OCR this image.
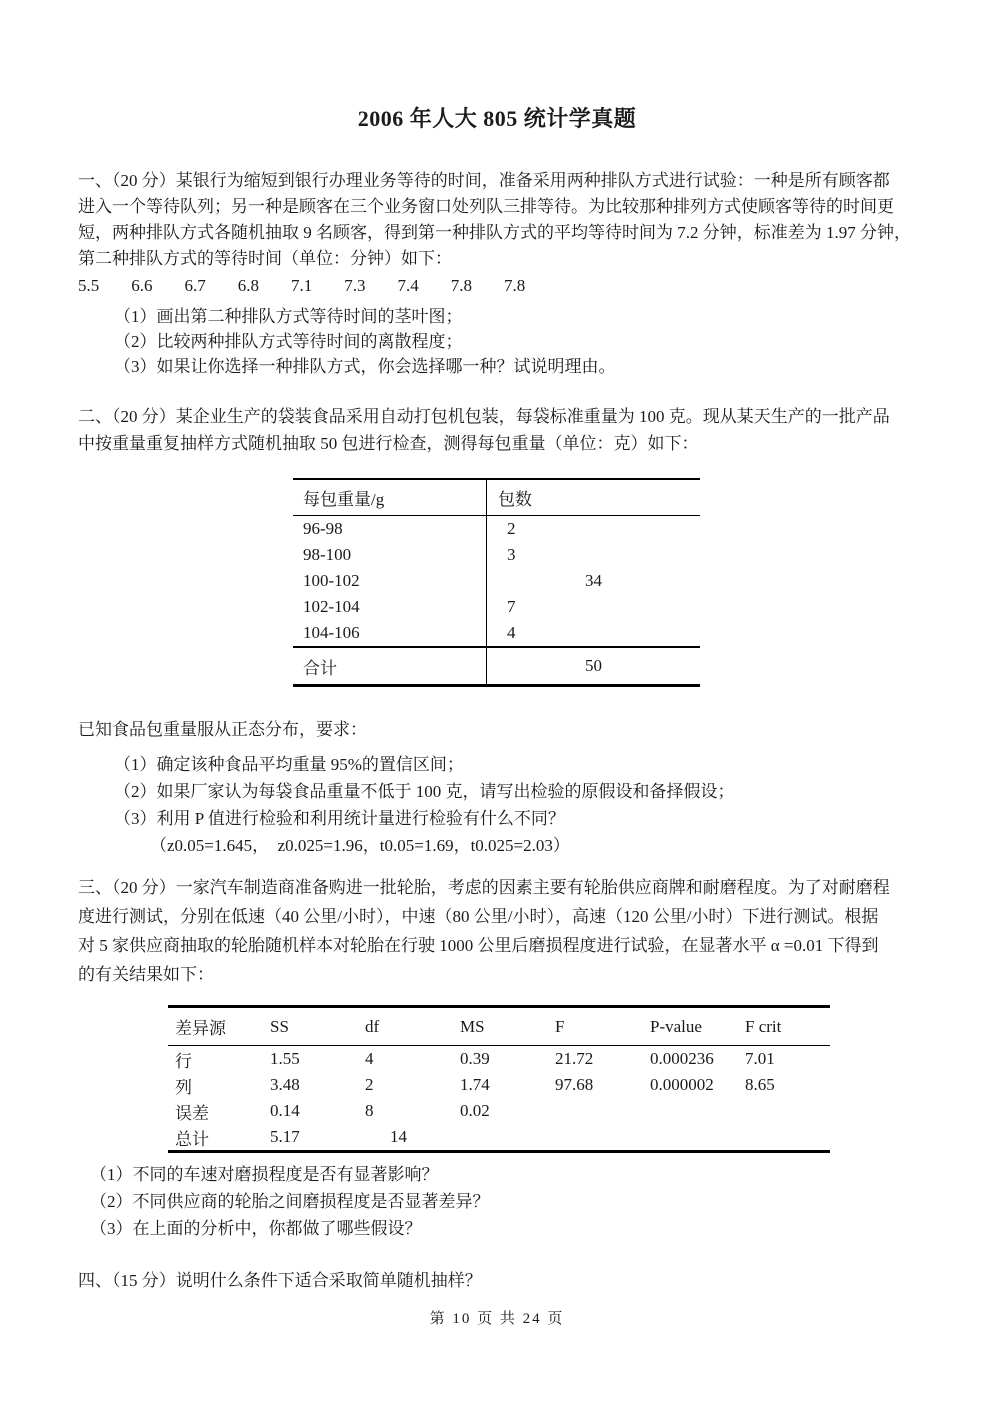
2006 年人大 805 统计学真题
一、（20 分）某银行为缩短到银行办理业务等待的时间，准备采用两种排队方式进行试验：一种是所有顾客都
进入一个等待队列；另一种是顾客在三个业务窗口处列队三排等待。为比较那种排列方式使顾客等待的时间更
短，两种排队方式各随机抽取 9 名顾客，得到第一种排队方式的平均等待时间为 7.2 分钟，标准差为 1.97 分钟，
第二种排队方式的等待时间（单位：分钟）如下：
5.5 6.6 6.7 6.8 7.1 7.3 7.4 7.8 7.8
（1）画出第二种排队方式等待时间的茎叶图；
（2）比较两种排队方式等待时间的离散程度；
（3）如果让你选择一种排队方式，你会选择哪一种？试说明理由。
二、（20 分）某企业生产的袋装食品采用自动打包机包装，每袋标准重量为 100 克。现从某天生产的一批产品
中按重量重复抽样方式随机抽取 50 包进行检查，测得每包重量（单位：克）如下：
每包重量/g	包数
96-98	2
98-100	3
100-102	34
102-104	7
104-106	4
合计	50
已知食品包重量服从正态分布，要求：
（1）确定该种食品平均重量 95%的置信区间；
（2）如果厂家认为每袋食品重量不低于 100 克，请写出检验的原假设和备择假设；
（3）利用 P 值进行检验和利用统计量进行检验有什么不同？
（z0.05=1.645，　z0.025=1.96，t0.05=1.69，t0.025=2.03）
三、（20 分）一家汽车制造商准备购进一批轮胎，考虑的因素主要有轮胎供应商牌和耐磨程度。为了对耐磨程
度进行测试，分别在低速（40 公里/小时），中速（80 公里/小时），高速（120 公里/小时）下进行测试。根据
对 5 家供应商抽取的轮胎随机样本对轮胎在行驶 1000 公里后磨损程度进行试验，在显著水平 α =0.01 下得到
的有关结果如下：
差异源	SS	df	MS	F	P-value	F crit
行	1.55	4	0.39	21.72	0.000236	7.01
列	3.48	2	1.74	97.68	0.000002	8.65
误差	0.14	8	0.02
总计	5.17	14
（1）不同的车速对磨损程度是否有显著影响？
（2）不同供应商的轮胎之间磨损程度是否显著差异？
（3）在上面的分析中，你都做了哪些假设？
四、（15 分）说明什么条件下适合采取简单随机抽样？
第 10 页 共 24 页
